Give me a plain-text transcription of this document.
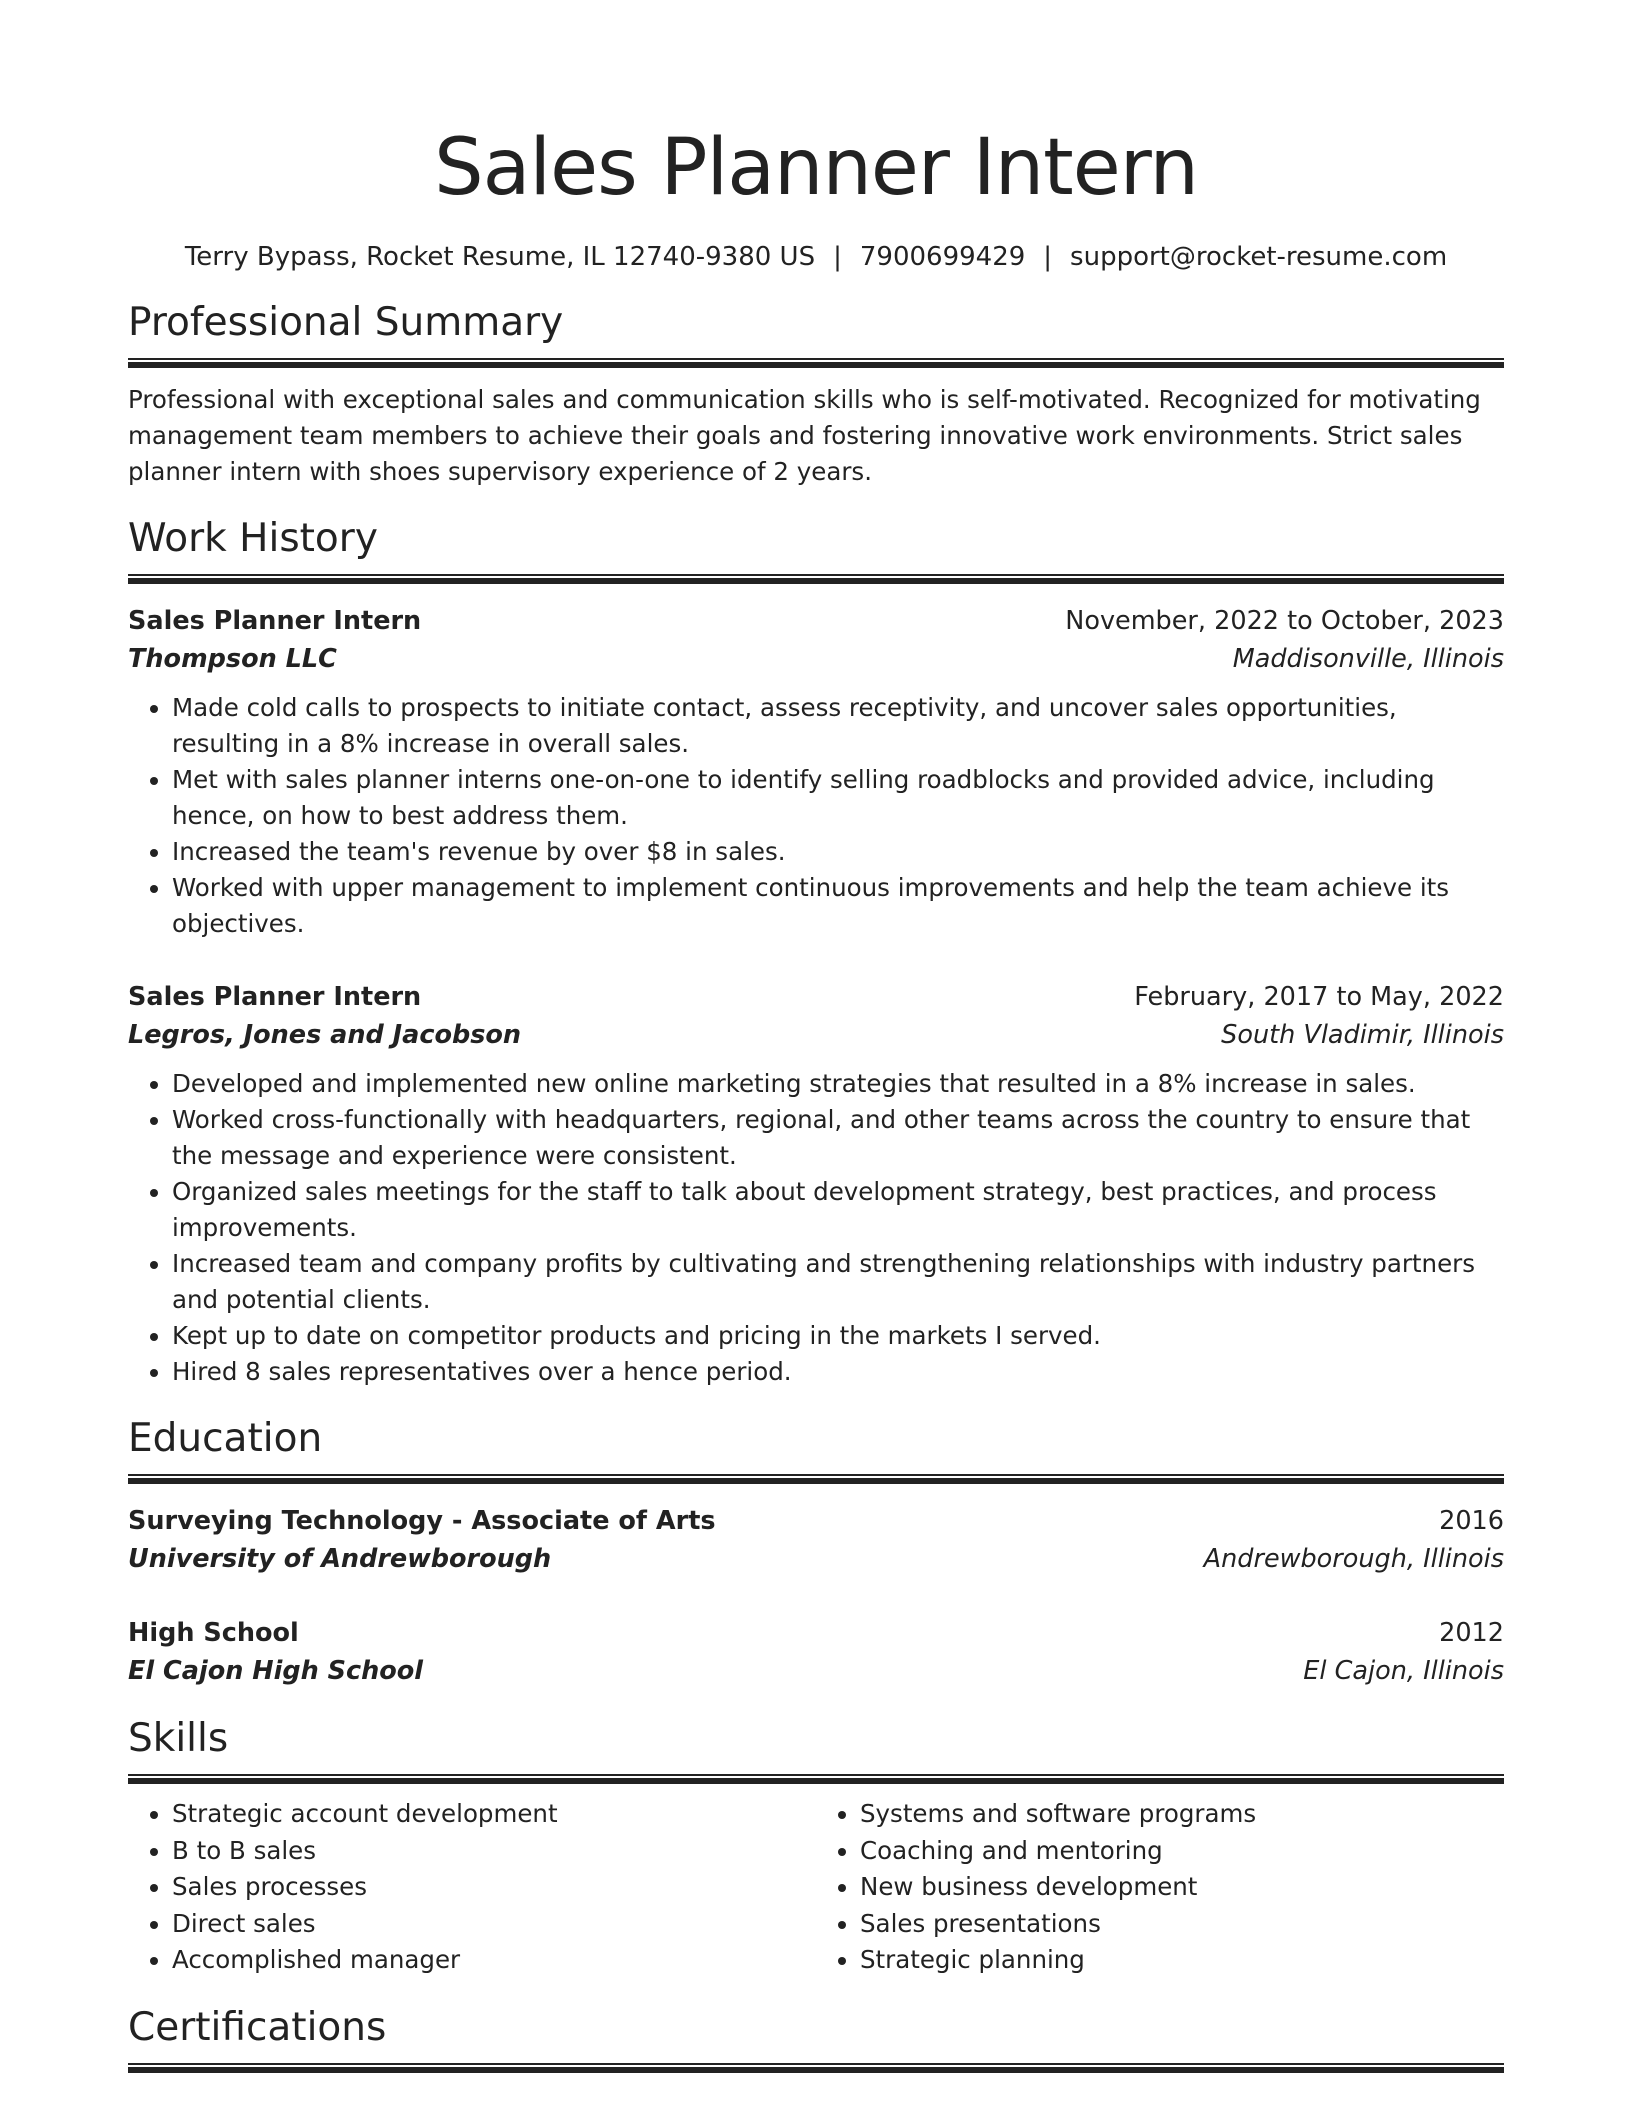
Sales Planner Intern
Terry Bypass, Rocket Resume, IL 12740-9380 US | 7900699429 | support@rocket-resume.com
Professional Summary

Professional with exceptional sales and communication skills who is self-motivated. Recognized for motivating management team members to achieve their goals and fostering innovative work environments. Strict sales planner intern with shoes supervisory experience of 2 years.

Work History
Sales Planner Intern	November, 2022 to October, 2023
Thompson LLC	Maddisonville, Illinois
• Made cold calls to prospects to initiate contact, assess receptivity, and uncover sales opportunities, resulting in a 8% increase in overall sales.
• Met with sales planner interns one-on-one to identify selling roadblocks and provided advice, including hence, on how to best address them.
• Increased the team's revenue by over $8 in sales.
• Worked with upper management to implement continuous improvements and help the team achieve its objectives.
Sales Planner Intern	February, 2017 to May, 2022
Legros, Jones and Jacobson	South Vladimir, Illinois
• Developed and implemented new online marketing strategies that resulted in a 8% increase in sales.
• Worked cross-functionally with headquarters, regional, and other teams across the country to ensure that the message and experience were consistent.
• Organized sales meetings for the staff to talk about development strategy, best practices, and process improvements.
• Increased team and company profits by cultivating and strengthening relationships with industry partners and potential clients.
• Kept up to date on competitor products and pricing in the markets I served.
• Hired 8 sales representatives over a hence period.
Education
Surveying Technology - Associate of Arts	2016
University of Andrewborough	Andrewborough, Illinois
High School	2012
El Cajon High School	El Cajon, Illinois
Skills
• Strategic account development
• B to B sales
• Sales processes
• Direct sales
• Accomplished manager
• Systems and software programs
• Coaching and mentoring
• New business development
• Sales presentations
• Strategic planning
Certifications
